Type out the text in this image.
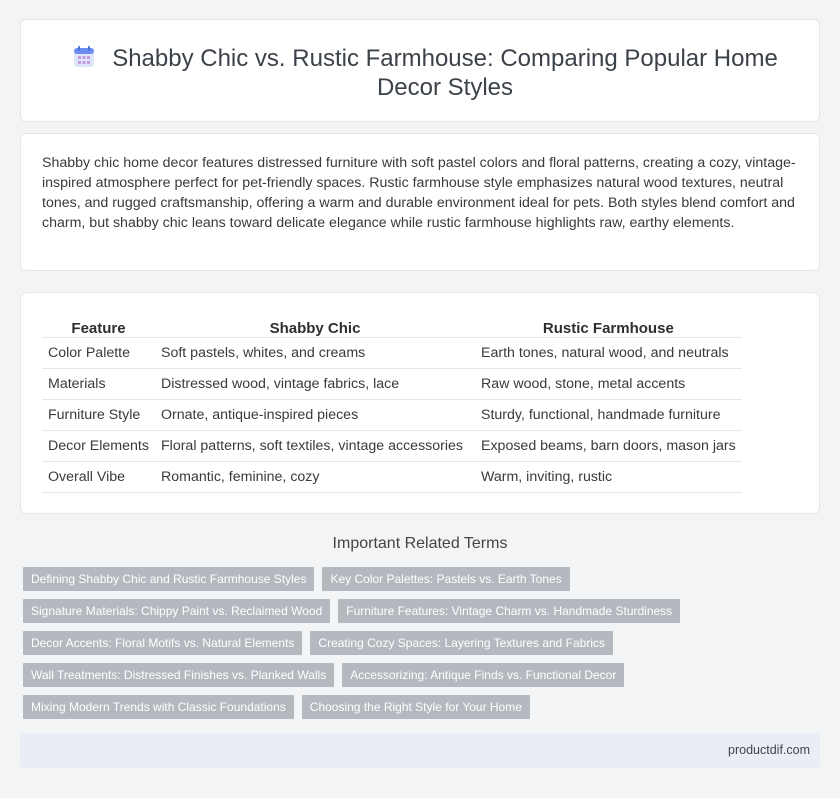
Shabby Chic vs. Rustic Farmhouse: Comparing Popular Home Decor Styles

Shabby chic home decor features distressed furniture with soft pastel colors and floral patterns, creating a cozy, vintage-inspired atmosphere perfect for pet-friendly spaces. Rustic farmhouse style emphasizes natural wood textures, neutral tones, and rugged craftsmanship, offering a warm and durable environment ideal for pets. Both styles blend comfort and charm, but shabby chic leans toward delicate elegance while rustic farmhouse highlights raw, earthy elements.

Feature	Shabby Chic	Rustic Farmhouse
Color Palette	Soft pastels, whites, and creams	Earth tones, natural wood, and neutrals
Materials	Distressed wood, vintage fabrics, lace	Raw wood, stone, metal accents
Furniture Style	Ornate, antique-inspired pieces	Sturdy, functional, handmade furniture
Decor Elements	Floral patterns, soft textiles, vintage accessories	Exposed beams, barn doors, mason jars
Overall Vibe	Romantic, feminine, cozy	Warm, inviting, rustic
Important Related Terms
Defining Shabby Chic and Rustic Farmhouse Styles	Key Color Palettes: Pastels vs. Earth Tones
Signature Materials: Chippy Paint vs. Reclaimed Wood	Furniture Features: Vintage Charm vs. Handmade Sturdiness
Decor Accents: Floral Motifs vs. Natural Elements	Creating Cozy Spaces: Layering Textures and Fabrics
Wall Treatments: Distressed Finishes vs. Planked Walls	Accessorizing: Antique Finds vs. Functional Decor
Mixing Modern Trends with Classic Foundations	Choosing the Right Style for Your Home
productdif.com
